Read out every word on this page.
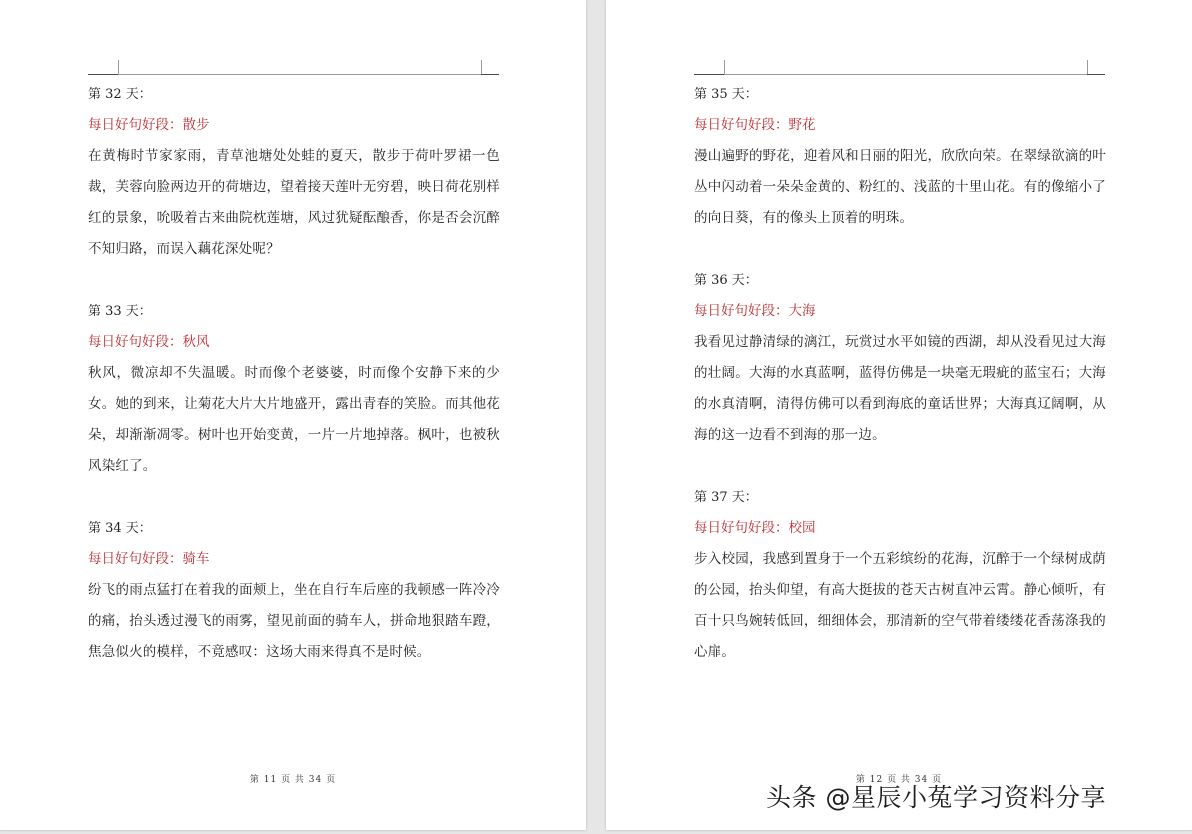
第 32 天：

每日好句好段：散步

在黄梅时节家家雨，青草池塘处处蛙的夏天，散步于荷叶罗裙一色裁，芙蓉向脸两边开的荷塘边，望着接天莲叶无穷碧，映日荷花别样红的景象，吮吸着古来曲院枕莲塘，风过犹疑酝酿香，你是否会沉醉不知归路，而误入藕花深处呢？

第 33 天：

每日好句好段：秋风

秋风，微凉却不失温暖。时而像个老婆婆，时而像个安静下来的少女。她的到来，让菊花大片大片地盛开，露出青春的笑脸。而其他花朵，却渐渐凋零。树叶也开始变黄，一片一片地掉落。枫叶，也被秋风染红了。

第 34 天：

每日好句好段：骑车

纷飞的雨点猛打在着我的面颊上，坐在自行车后座的我顿感一阵冷冷的痛，抬头透过漫飞的雨雾，望见前面的骑车人，拼命地狠踏车蹬，焦急似火的模样，不竟感叹：这场大雨来得真不是时候。

第 11 页 共 34 页

第 35 天：

每日好句好段：野花

漫山遍野的野花，迎着风和日丽的阳光，欣欣向荣。在翠绿欲滴的叶丛中闪动着一朵朵金黄的、粉红的、浅蓝的十里山花。有的像缩小了的向日葵，有的像头上顶着的明珠。

第 36 天：

每日好句好段：大海

我看见过静清绿的漓江，玩赏过水平如镜的西湖，却从没看见过大海的壮阔。大海的水真蓝啊，蓝得仿佛是一块毫无瑕疵的蓝宝石；大海的水真清啊，清得仿佛可以看到海底的童话世界；大海真辽阔啊，从海的这一边看不到海的那一边。

第 37 天：

每日好句好段：校园

步入校园，我感到置身于一个五彩缤纷的花海，沉醉于一个绿树成荫的公园，抬头仰望，有高大挺拔的苍天古树直冲云霄。静心倾听，有百十只鸟婉转低回，细细体会，那清新的空气带着缕缕花香荡涤我的心扉。

第 12 页 共 34 页
头条 @星辰小菟学习资料分享
